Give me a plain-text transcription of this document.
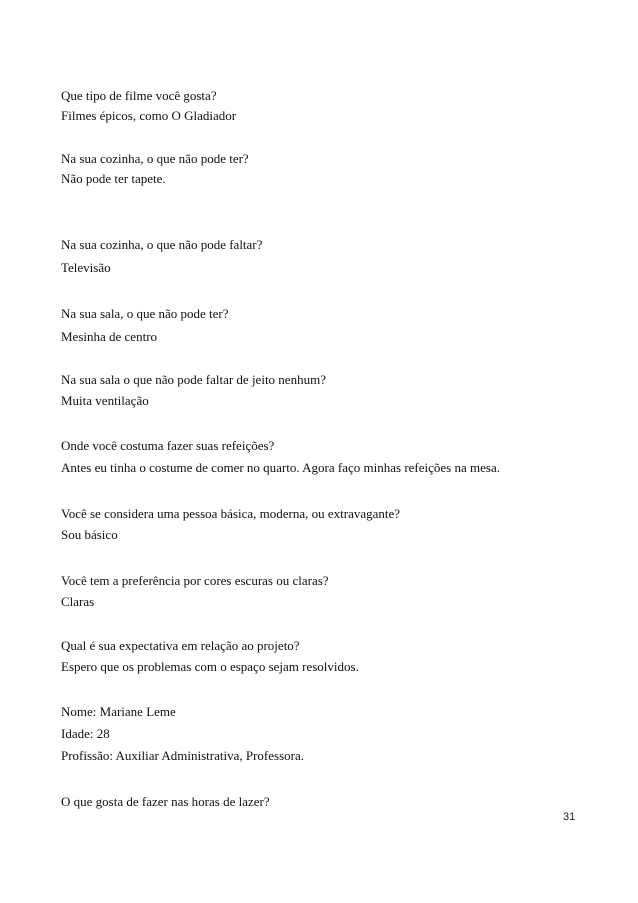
Que tipo de filme você gosta?
Filmes épicos, como O Gladiador
Na sua cozinha, o que não pode ter?
Não pode ter tapete.
Na sua cozinha, o que não pode faltar?
Televisão
Na sua sala, o que não pode ter?
Mesinha de centro
Na sua sala o que não pode faltar de jeito nenhum?
Muita ventilação
Onde você costuma fazer suas refeições?
Antes eu tinha o costume de comer no quarto. Agora faço minhas refeições na mesa.
Você se considera uma pessoa básica, moderna, ou extravagante?
Sou básico
Você tem a preferência por cores escuras ou claras?
Claras
Qual é sua expectativa em relação ao projeto?
Espero que os problemas com o espaço sejam resolvidos.
Nome: Mariane Leme
Idade: 28
Profissão: Auxiliar Administrativa, Professora.
O que gosta de fazer nas horas de lazer?
31
